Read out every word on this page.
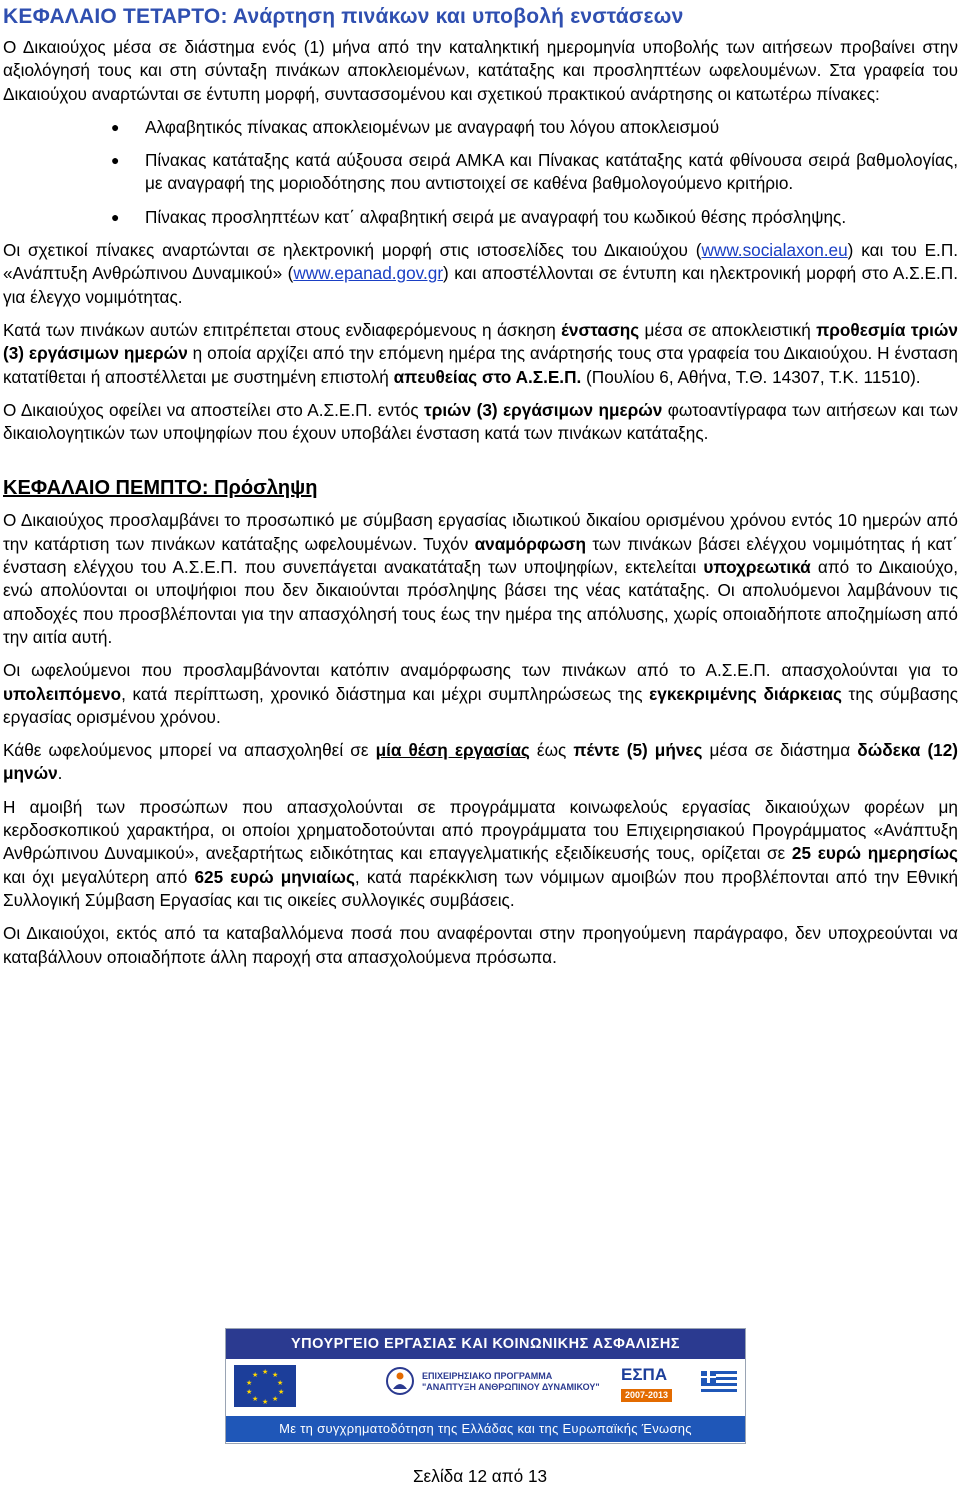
ΚΕΦΑΛΑΙΟ ΤΕΤΑΡΤΟ: Ανάρτηση πινάκων και υποβολή ενστάσεων

Ο Δικαιούχος μέσα σε διάστημα ενός (1) μήνα από την καταληκτική ημερομηνία υποβολής των αιτήσεων προβαίνει στην αξιολόγησή τους και στη σύνταξη πινάκων αποκλειομένων, κατάταξης και προσληπτέων ωφελουμένων. Στα γραφεία του Δικαιούχου αναρτώνται σε έντυπη μορφή, συντασσομένου και σχετικού πρακτικού ανάρτησης οι κατωτέρω πίνακες:

● Αλφαβητικός πίνακας αποκλειομένων με αναγραφή του λόγου αποκλεισμού
● Πίνακας κατάταξης κατά αύξουσα σειρά ΑΜΚΑ και Πίνακας κατάταξης κατά φθίνουσα σειρά βαθμολογίας, με αναγραφή της μοριοδότησης που αντιστοιχεί σε καθένα βαθμολογούμενο κριτήριο.
● Πίνακας προσληπτέων κατ΄ αλφαβητική σειρά με αναγραφή του κωδικού θέσης πρόσληψης.

Οι σχετικοί πίνακες αναρτώνται σε ηλεκτρονική μορφή στις ιστοσελίδες του Δικαιούχου (www.socialaxon.eu) και του Ε.Π. «Ανάπτυξη Ανθρώπινου Δυναμικού» (www.epanad.gov.gr) και αποστέλλονται σε έντυπη και ηλεκτρονική μορφή στο Α.Σ.Ε.Π. για έλεγχο νομιμότητας.

Κατά των πινάκων αυτών επιτρέπεται στους ενδιαφερόμενους η άσκηση ένστασης μέσα σε αποκλειστική προθεσμία τριών (3) εργάσιμων ημερών η οποία αρχίζει από την επόμενη ημέρα της ανάρτησής τους στα γραφεία του Δικαιούχου. Η ένσταση κατατίθεται ή αποστέλλεται με συστημένη επιστολή απευθείας στο Α.Σ.Ε.Π. (Πουλίου 6, Αθήνα, Τ.Θ. 14307, Τ.Κ. 11510).

Ο Δικαιούχος οφείλει να αποστείλει στο Α.Σ.Ε.Π. εντός τριών (3) εργάσιμων ημερών φωτοαντίγραφα των αιτήσεων και των δικαιολογητικών των υποψηφίων που έχουν υποβάλει ένσταση κατά των πινάκων κατάταξης.

ΚΕΦΑΛΑΙΟ ΠΕΜΠΤΟ: Πρόσληψη

Ο Δικαιούχος προσλαμβάνει το προσωπικό με σύμβαση εργασίας ιδιωτικού δικαίου ορισμένου χρόνου εντός 10 ημερών από την κατάρτιση των πινάκων κατάταξης ωφελουμένων. Τυχόν αναμόρφωση των πινάκων βάσει ελέγχου νομιμότητας ή κατ΄ ένσταση ελέγχου του Α.Σ.Ε.Π. που συνεπάγεται ανακατάταξη των υποψηφίων, εκτελείται υποχρεωτικά από το Δικαιούχο, ενώ απολύονται οι υποψήφιοι που δεν δικαιούνται πρόσληψης βάσει της νέας κατάταξης. Οι απολυόμενοι λαμβάνουν τις αποδοχές που προσβλέπονται για την απασχόλησή τους έως την ημέρα της απόλυσης, χωρίς οποιαδήποτε αποζημίωση από την αιτία αυτή.

Οι ωφελούμενοι που προσλαμβάνονται κατόπιν αναμόρφωσης των πινάκων από το Α.Σ.Ε.Π. απασχολούνται για το υπολειπόμενο, κατά περίπτωση, χρονικό διάστημα και μέχρι συμπληρώσεως της εγκεκριμένης διάρκειας της σύμβασης εργασίας ορισμένου χρόνου.

Κάθε ωφελούμενος μπορεί να απασχοληθεί σε μία θέση εργασίας έως πέντε (5) μήνες μέσα σε διάστημα δώδεκα (12) μηνών.

Η αμοιβή των προσώπων που απασχολούνται σε προγράμματα κοινωφελούς εργασίας δικαιούχων φορέων μη κερδοσκοπικού χαρακτήρα, οι οποίοι χρηματοδοτούνται από προγράμματα του Επιχειρησιακού Προγράμματος «Ανάπτυξη Ανθρώπινου Δυναμικού», ανεξαρτήτως ειδικότητας και επαγγελματικής εξειδίκευσής τους, ορίζεται σε 25 ευρώ ημερησίως και όχι μεγαλύτερη από 625 ευρώ μηνιαίως, κατά παρέκκλιση των νόμιμων αμοιβών που προβλέπονται από την Εθνική Συλλογική Σύμβαση Εργασίας και τις οικείες συλλογικές συμβάσεις.

Οι Δικαιούχοι, εκτός από τα καταβαλλόμενα ποσά που αναφέρονται στην προηγούμενη παράγραφο, δεν υποχρεούνται να καταβάλλουν οποιαδήποτε άλλη παροχή στα απασχολούμενα πρόσωπα.

ΥΠΟΥΡΓΕΙΟ ΕΡΓΑΣΙΑΣ ΚΑΙ ΚΟΙΝΩΝΙΚΗΣ ΑΣΦΑΛΙΣΗΣ
★ ★
★
★
★
★
★
★
★
★	ΕΠΙΧΕΙΡΗΣΙΑΚΟ ΠΡΟΓΡΑΜΜΑ
"ΑΝΑΠΤΥΞΗ ΑΝΘΡΩΠΙΝΟΥ ΔΥΝΑΜΙΚΟΥ"
ΕΣΠΑ
2007-2013
Με τη συγχρηματοδότηση της Ελλάδας και της Ευρωπαϊκής Ένωσης
Σελίδα 12 από 13
